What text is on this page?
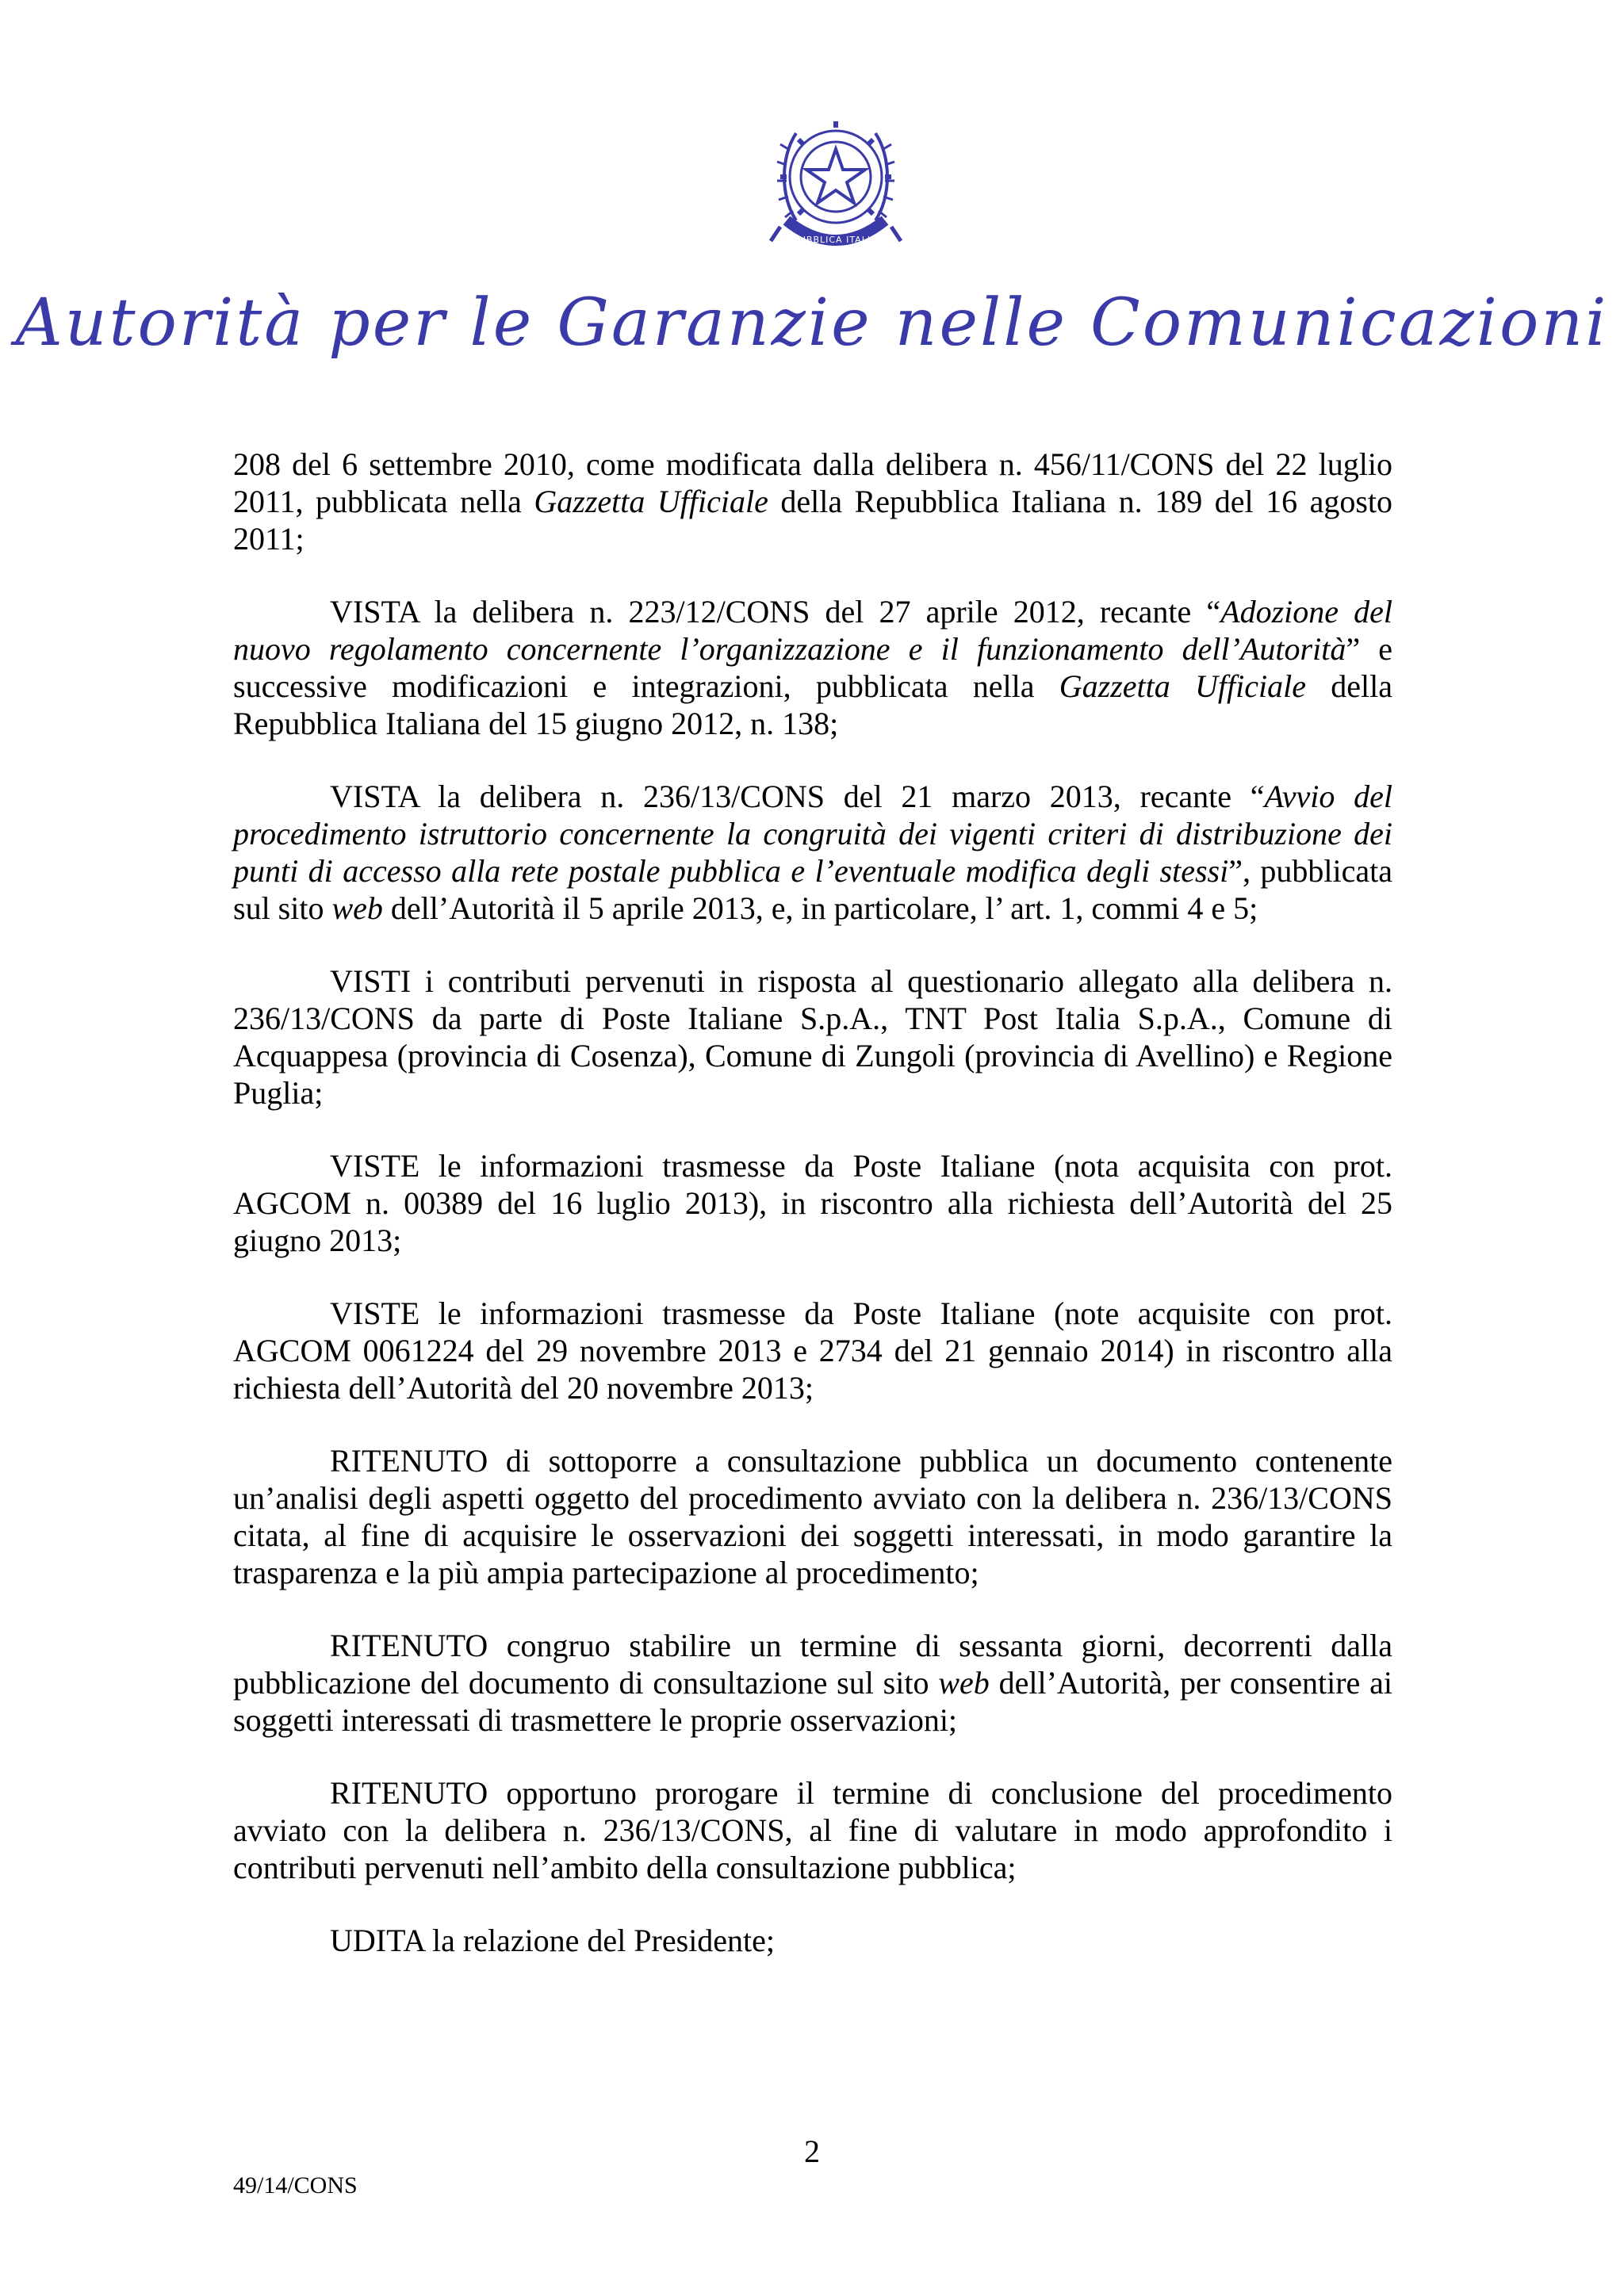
REPUBBLICA ITALIANA
Autorità per le Garanzie nelle Comunicazioni

208 del 6 settembre 2010, come modificata dalla delibera n. 456/11/CONS del 22 luglio 2011, pubblicata nella Gazzetta Ufficiale della Repubblica Italiana n. 189 del 16 agosto 2011;

VISTA la delibera n. 223/12/CONS del 27 aprile 2012, recante “Adozione del nuovo regolamento concernente l’organizzazione e il funzionamento dell’Autorità” e successive modificazioni e integrazioni, pubblicata nella Gazzetta Ufficiale della Repubblica Italiana del 15 giugno 2012, n. 138;

VISTA la delibera n. 236/13/CONS del 21 marzo 2013, recante “Avvio del procedimento istruttorio concernente la congruità dei vigenti criteri di distribuzione dei punti di accesso alla rete postale pubblica e l’eventuale modifica degli stessi”, pubblicata sul sito web dell’Autorità il 5 aprile 2013, e, in particolare, l’ art. 1, commi 4 e 5;

VISTI i contributi pervenuti in risposta al questionario allegato alla delibera n. 236/13/CONS da parte di Poste Italiane S.p.A., TNT Post Italia S.p.A., Comune di Acquappesa (provincia di Cosenza), Comune di Zungoli (provincia di Avellino) e Regione Puglia;

VISTE le informazioni trasmesse da Poste Italiane (nota acquisita con prot. AGCOM n. 00389 del 16 luglio 2013), in riscontro alla richiesta dell’Autorità del 25 giugno 2013;

VISTE le informazioni trasmesse da Poste Italiane (note acquisite con prot. AGCOM 0061224 del 29 novembre 2013 e 2734 del 21 gennaio 2014) in riscontro alla richiesta dell’Autorità del 20 novembre 2013;

RITENUTO di sottoporre a consultazione pubblica un documento contenente un’analisi degli aspetti oggetto del procedimento avviato con la delibera n. 236/13/CONS citata, al fine di acquisire le osservazioni dei soggetti interessati, in modo garantire la trasparenza e la più ampia partecipazione al procedimento;

RITENUTO congruo stabilire un termine di sessanta giorni, decorrenti dalla pubblicazione del documento di consultazione sul sito web dell’Autorità, per consentire ai soggetti interessati di trasmettere le proprie osservazioni;

RITENUTO opportuno prorogare il termine di conclusione del procedimento avviato con la delibera n. 236/13/CONS, al fine di valutare in modo approfondito i contributi pervenuti nell’ambito della consultazione pubblica;

UDITA la relazione del Presidente;

2
49/14/CONS
